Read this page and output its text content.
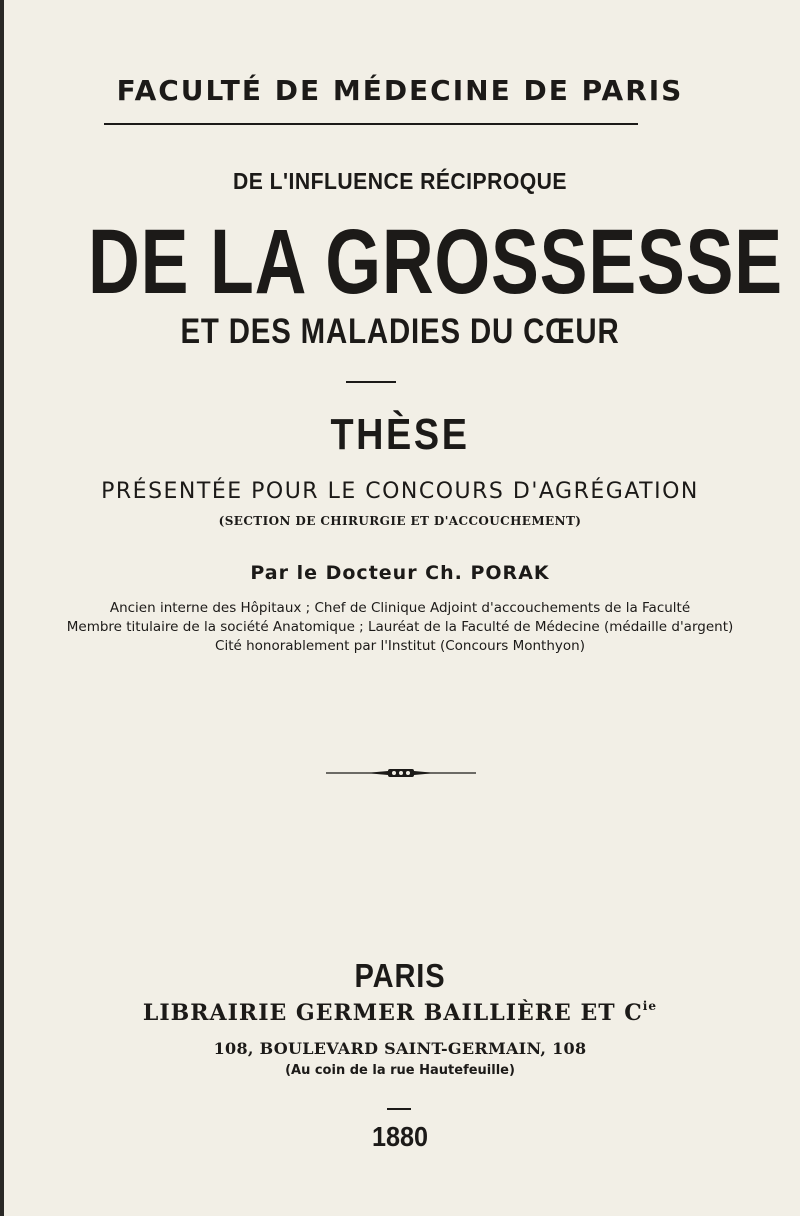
FACULTÉ DE MÉDECINE DE PARIS
DE L'INFLUENCE RÉCIPROQUE
DE LA GROSSESSE
ET DES MALADIES DU CŒUR
THÈSE
PRÉSENTÉE POUR LE CONCOURS D'AGRÉGATION
(SECTION DE CHIRURGIE ET D'ACCOUCHEMENT)
Par le Docteur Ch. PORAK
Ancien interne des Hôpitaux ; Chef de Clinique Adjoint d'accouchements de la Faculté
Membre titulaire de la société Anatomique ; Lauréat de la Faculté de Médecine (médaille d'argent)
Cité honorablement par l'Institut (Concours Monthyon)
PARIS
LIBRAIRIE GERMER BAILLIÈRE ET $C^{ie}$
108, BOULEVARD SAINT-GERMAIN, 108
(Au coin de la rue Hautefeuille)
1880
